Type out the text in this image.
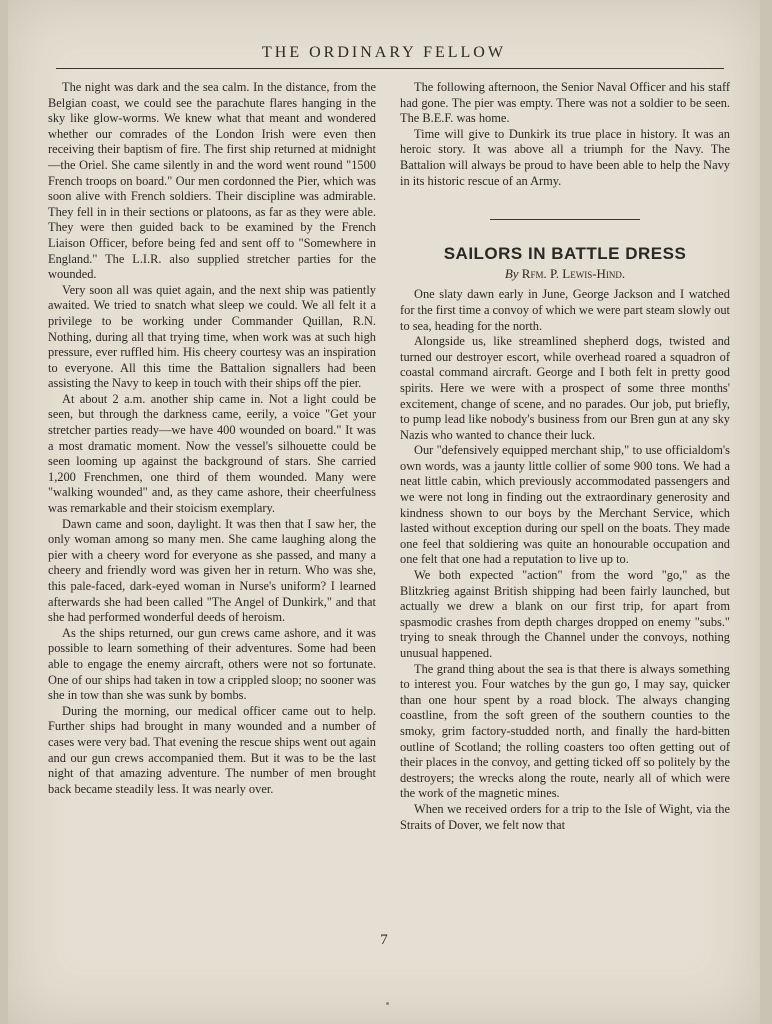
THE ORDINARY FELLOW

The night was dark and the sea calm. In the distance, from the Belgian coast, we could see the parachute flares hanging in the sky like glow-worms. We knew what that meant and wondered whether our comrades of the London Irish were even then receiving their baptism of fire. The first ship returned at midnight—the Oriel. She came silently in and the word went round "1500 French troops on board." Our men cordonned the Pier, which was soon alive with French soldiers. Their discipline was admirable. They fell in in their sections or platoons, as far as they were able. They were then guided back to be examined by the French Liaison Officer, before being fed and sent off to "Somewhere in England." The L.I.R. also supplied stretcher parties for the wounded.

Very soon all was quiet again, and the next ship was patiently awaited. We tried to snatch what sleep we could. We all felt it a privilege to be working under Commander Quillan, R.N. Nothing, during all that trying time, when work was at such high pressure, ever ruffled him. His cheery courtesy was an inspiration to everyone. All this time the Battalion signallers had been assisting the Navy to keep in touch with their ships off the pier.

At about 2 a.m. another ship came in. Not a light could be seen, but through the darkness came, eerily, a voice "Get your stretcher parties ready—we have 400 wounded on board." It was a most dramatic moment. Now the vessel's silhouette could be seen looming up against the background of stars. She carried 1,200 Frenchmen, one third of them wounded. Many were "walking wounded" and, as they came ashore, their cheerfulness was remarkable and their stoicism exemplary.

Dawn came and soon, daylight. It was then that I saw her, the only woman among so many men. She came laughing along the pier with a cheery word for everyone as she passed, and many a cheery and friendly word was given her in return. Who was she, this pale-faced, dark-eyed woman in Nurse's uniform? I learned afterwards she had been called "The Angel of Dunkirk," and that she had performed wonderful deeds of heroism.

As the ships returned, our gun crews came ashore, and it was possible to learn something of their adventures. Some had been able to engage the enemy aircraft, others were not so fortunate. One of our ships had taken in tow a crippled sloop; no sooner was she in tow than she was sunk by bombs.

During the morning, our medical officer came out to help. Further ships had brought in many wounded and a number of cases were very bad. That evening the rescue ships went out again and our gun crews accompanied them. But it was to be the last night of that amazing adventure. The number of men brought back became steadily less. It was nearly over.

The following afternoon, the Senior Naval Officer and his staff had gone. The pier was empty. There was not a soldier to be seen. The B.E.F. was home.

Time will give to Dunkirk its true place in history. It was an heroic story. It was above all a triumph for the Navy. The Battalion will always be proud to have been able to help the Navy in its historic rescue of an Army.

SAILORS IN BATTLE DRESS
By Rfm. P. Lewis-Hind.

One slaty dawn early in June, George Jackson and I watched for the first time a convoy of which we were part steam slowly out to sea, heading for the north.

Alongside us, like streamlined shepherd dogs, twisted and turned our destroyer escort, while overhead roared a squadron of coastal command aircraft. George and I both felt in pretty good spirits. Here we were with a prospect of some three months' excitement, change of scene, and no parades. Our job, put briefly, to pump lead like nobody's business from our Bren gun at any sky Nazis who wanted to chance their luck.

Our "defensively equipped merchant ship," to use officialdom's own words, was a jaunty little collier of some 900 tons. We had a neat little cabin, which previously accommodated passengers and we were not long in finding out the extraordinary generosity and kindness shown to our boys by the Merchant Service, which lasted without exception during our spell on the boats. They made one feel that soldiering was quite an honourable occupation and one felt that one had a reputation to live up to.

We both expected "action" from the word "go," as the Blitzkrieg against British shipping had been fairly launched, but actually we drew a blank on our first trip, for apart from spasmodic crashes from depth charges dropped on enemy "subs." trying to sneak through the Channel under the convoys, nothing unusual happened.

The grand thing about the sea is that there is always something to interest you. Four watches by the gun go, I may say, quicker than one hour spent by a road block. The always changing coastline, from the soft green of the southern counties to the smoky, grim factory-studded north, and finally the hard-bitten outline of Scotland; the rolling coasters too often getting out of their places in the convoy, and getting ticked off so politely by the destroyers; the wrecks along the route, nearly all of which were the work of the magnetic mines.

When we received orders for a trip to the Isle of Wight, via the Straits of Dover, we felt now that

7
